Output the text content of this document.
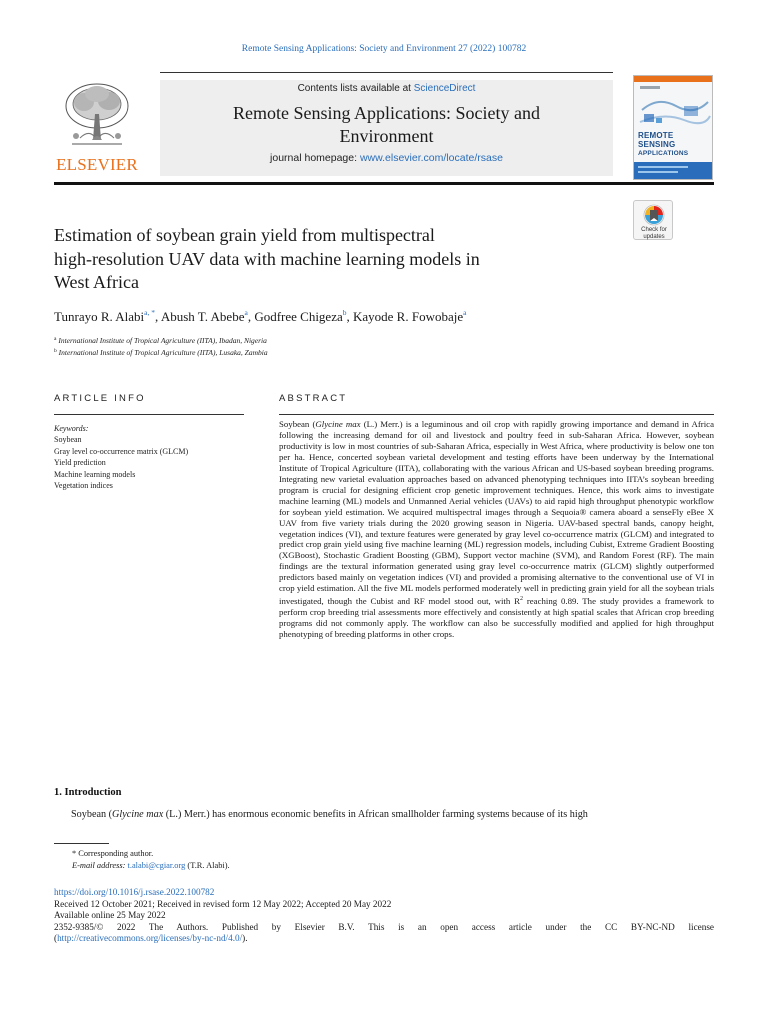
Remote Sensing Applications: Society and Environment 27 (2022) 100782
ELSEVIER
Contents lists available at ScienceDirect
Remote Sensing Applications: Society and
Environment
journal homepage: www.elsevier.com/locate/rsase
REMOTE
SENSING
APPLICATIONS
Check for
updates
Estimation of soybean grain yield from multispectral
high-resolution UAV data with machine learning models in
West Africa
Tunrayo R. Alabi$^{a, *}$, Abush T. Abebe$^a$, Godfree Chigeza$^b$, Kayode R. Fowobaje$^a$
$^a$ International Institute of Tropical Agriculture (IITA), Ibadan, Nigeria
$^b$ International Institute of Tropical Agriculture (IITA), Lusaka, Zambia
ARTICLE INFO	ABSTRACT
Keywords:
Soybean
Gray level co-occurrence matrix (GLCM)
Yield prediction
Machine learning models
Vegetation indices
Soybean (Glycine max (L.) Merr.) is a leguminous and oil crop with rapidly growing importance and demand in Africa following the increasing demand for oil and livestock and poultry feed in sub-Saharan Africa. However, soybean productivity is low in most countries of sub-Saharan Africa, especially in West Africa, where productivity is below one ton per ha. Hence, concerted soybean varietal development and testing efforts have been underway by the International Institute of Tropical Agriculture (IITA), collaborating with the various African and US-based soybean breeding programs. Integrating new varietal evaluation approaches based on advanced phenotyping techniques into IITA’s soybean breeding program is crucial for designing efficient crop genetic improvement techniques. Hence, this work aims to investigate machine learning (ML) models and Unmanned Aerial vehicles (UAVs) to aid rapid high throughput phenotypic workflow for soybean yield estimation. We acquired multispectral images through a Sequoia® camera aboard a senseFly eBee X UAV from five variety trials during the 2020 growing season in Nigeria. UAV-based spectral bands, canopy height, vegetation indices (VI), and texture features were generated by gray level co-occurrence matrix (GLCM) and integrated to predict crop grain yield using five machine learning (ML) regression models, including Cubist, Extreme Gradient Boosting (XGBoost), Stochastic Gradient Boosting (GBM), Support vector machine (SVM), and Random Forest (RF). The main findings are the textural information generated using gray level co-occurrence matrix (GLCM) slightly outperformed predictors based mainly on vegetation indices (VI) and provided a promising alternative to the conventional use of VI in crop yield estimation. All the five ML models performed moderately well in predicting grain yield for all the soybean trials investigated, though the Cubist and RF model stood out, with $R^2$ reaching 0.89. The study provides a framework to perform crop breeding trial assessments more effectively and consistently at high spatial scales that African crop breeding programs did not commonly apply. The workflow can also be successfully modified and applied for high throughput phenotyping of breeding platforms in other crops.
1. Introduction
Soybean (Glycine max (L.) Merr.) has enormous economic benefits in African smallholder farming systems because of its high
* Corresponding author.
E-mail address: t.alabi@cgiar.org (T.R. Alabi).
https://doi.org/10.1016/j.rsase.2022.100782
Received 12 October 2021; Received in revised form 12 May 2022; Accepted 20 May 2022
Available online 25 May 2022
2352-9385/© 2022 The Authors. Published by Elsevier B.V. This is an open access article under the CC BY-NC-ND license
(http://creativecommons.org/licenses/by-nc-nd/4.0/).
